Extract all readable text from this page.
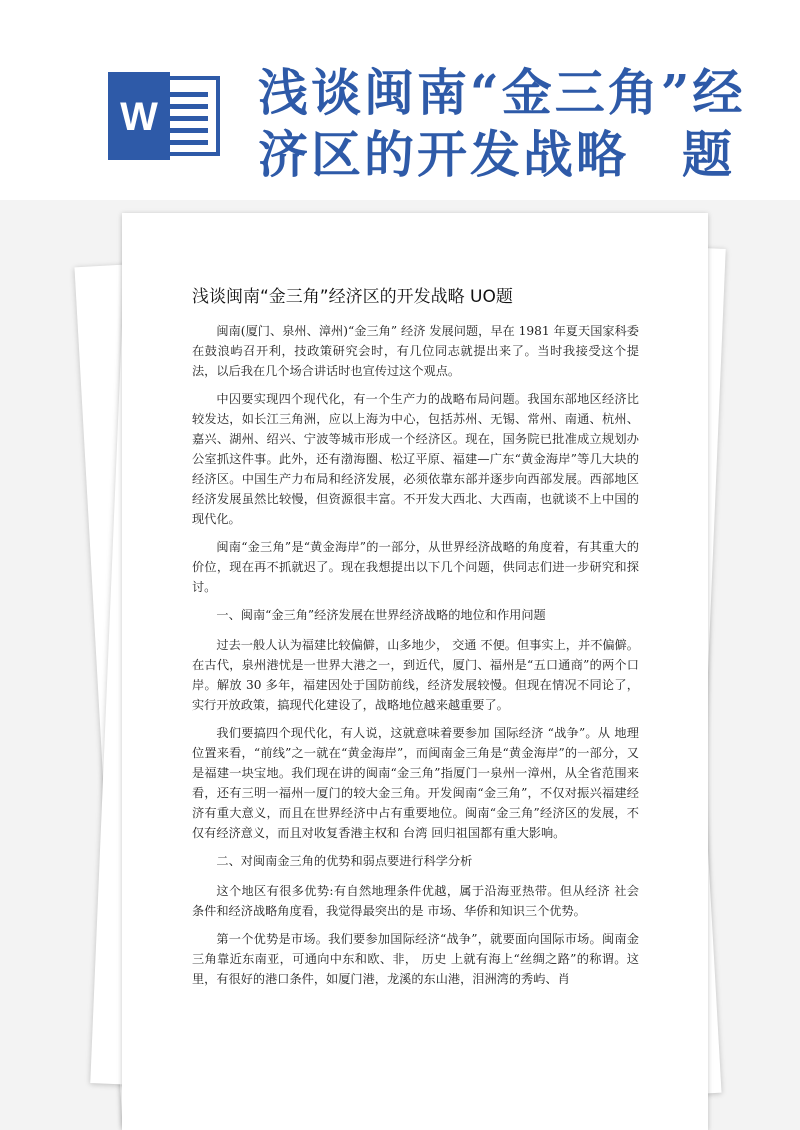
W 浅谈闽南“金三角”经
济区的开发战略　题
浅谈闽南“金三角”经济区的开发战略 UO题

闽南(厦门、泉州、漳州)“金三角” 经济 发展问题，早在 1981 年夏天国家科委在鼓浪屿召开利，技政策研究会时，有几位同志就提出来了。当时我接受这个提法，以后我在几个场合讲话时也宣传过这个观点。

中囚要实现四个现代化，有一个生产力的战略布局问题。我国东部地区经济比较发达，如长江三角洲，应以上海为中心，包括苏州、无锡、常州、南通、杭州、嘉兴、湖州、绍兴、宁波等城市形成一个经济区。现在，国务院已批准成立规划办公室抓这件事。此外，还有渤海圈、松辽平原、福建—广东“黄金海岸”等几大块的经济区。中国生产力布局和经济发展，必须依靠东部并逐步向西部发展。西部地区经济发展虽然比较慢，但资源很丰富。不开发大西北、大西南，也就谈不上中国的现代化。

闽南“金三角”是“黄金海岸”的一部分，从世界经济战略的角度着，有其重大的价位，现在再不抓就迟了。现在我想提出以下几个问题，供同志们进一步研究和探讨。

一、闽南“金三角”经济发展在世界经济战略的地位和作用问题

过去一般人认为福建比较偏僻，山多地少， 交通 不便。但事实上，并不偏僻。在古代，泉州港忧是一世界大港之一，到近代，厦门、福州是“五口通商”的两个口岸。解放 30 多年，福建因处于国防前线，经济发展较慢。但现在情况不同论了，实行开放政策，搞现代化建设了，战略地位越来越重要了。

我们要搞四个现代化，有人说，这就意味着要参加 国际经济 “战争”。从 地理 位置来看，“前线”之一就在“黄金海岸”，而闽南金三角是“黄金海岸”的一部分，又是福建一块宝地。我们现在讲的闽南“金三角”指厦门一泉州一漳州，从全省范围来看，还有三明一福州一厦门的较大金三角。开发闽南“金三角”，不仅对振兴福建经济有重大意义，而且在世界经济中占有重要地位。闽南“金三角”经济区的发展，不仅有经济意义，而且对收复香港主权和 台湾 回归祖国都有重大影响。

二、对闽南金三角的优势和弱点要进行科学分析

这个地区有很多优势:有自然地理条件优越，属于沿海亚热带。但从经济 社会 条件和经济战略角度看，我觉得最突出的是 市场、华侨和知识三个优势。

第一个优势是市场。我们要参加国际经济“战争”，就要面向国际市场。闽南金三角靠近东南亚，可通向中东和欧、非， 历史 上就有海上“丝绸之路”的称谓。这里，有很好的港口条件，如厦门港，龙溪的东山港，泪洲湾的秀屿、肖
